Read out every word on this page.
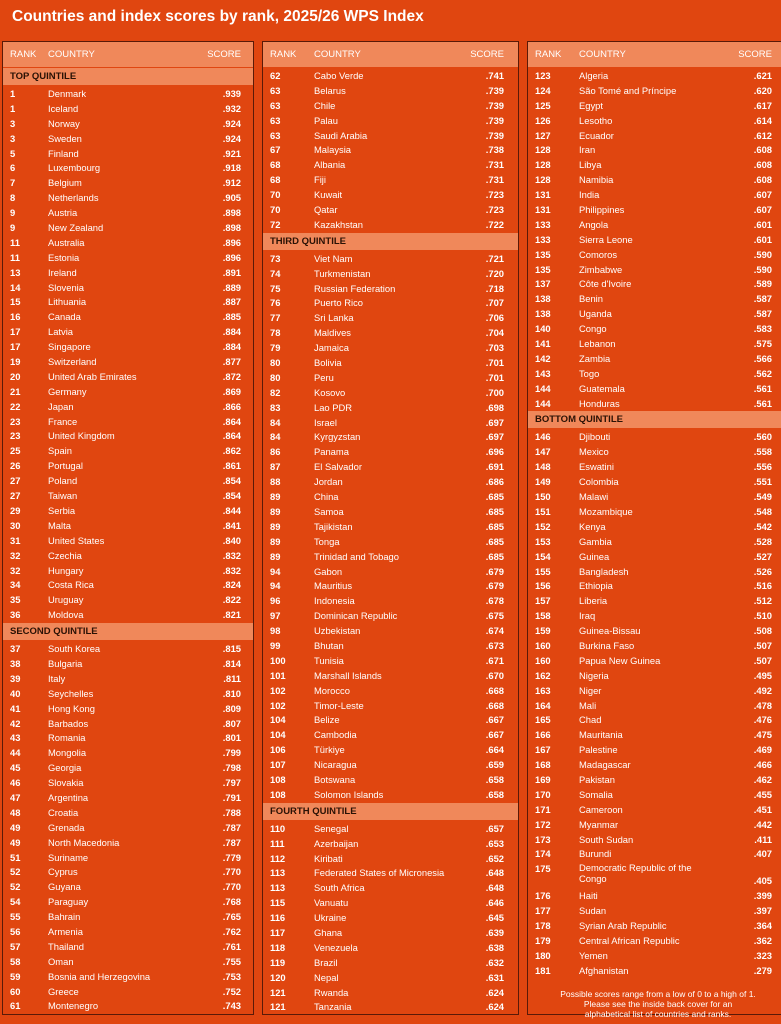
Countries and index scores by rank, 2025/26 WPS Index
RANK COUNTRY	SCORE
TOP QUINTILE
1	Denmark	.939
1	Iceland	.932
3	Norway	.924
3	Sweden	.924
5	Finland	.921
6	Luxembourg	.918
7	Belgium	.912
8	Netherlands	.905
9	Austria	.898
9	New Zealand	.898
11	Australia	.896
11	Estonia	.896
13	Ireland	.891
14	Slovenia	.889
15	Lithuania	.887
16	Canada	.885
17	Latvia	.884
17	Singapore	.884
19	Switzerland	.877
20	United Arab Emirates	.872
21	Germany	.869
22	Japan	.866
23	France	.864
23	United Kingdom	.864
25	Spain	.862
26	Portugal	.861
27	Poland	.854
27	Taiwan	.854
29	Serbia	.844
30	Malta	.841
31	United States	.840
32	Czechia	.832
32	Hungary	.832
34	Costa Rica	.824
35	Uruguay	.822
36	Moldova	.821
SECOND QUINTILE
37	South Korea	.815
38	Bulgaria	.814
39	Italy	.811
40	Seychelles	.810
41	Hong Kong	.809
42	Barbados	.807
43	Romania	.801
44	Mongolia	.799
45	Georgia	.798
46	Slovakia	.797
47	Argentina	.791
48	Croatia	.788
49	Grenada	.787
49	North Macedonia	.787
51	Suriname	.779
52	Cyprus	.770
52	Guyana	.770
54	Paraguay	.768
55	Bahrain	.765
56	Armenia	.762
57	Thailand	.761
58	Oman	.755
59	Bosnia and Herzegovina	.753
60	Greece	.752
61	Montenegro	.743
RANK COUNTRY	SCORE
62	Cabo Verde	.741
63	Belarus	.739
63	Chile	.739
63	Palau	.739
63	Saudi Arabia	.739
67	Malaysia	.738
68	Albania	.731
68	Fiji	.731
70	Kuwait	.723
70	Qatar	.723
72	Kazakhstan	.722
THIRD QUINTILE
73	Viet Nam	.721
74	Turkmenistan	.720
75	Russian Federation	.718
76	Puerto Rico	.707
77	Sri Lanka	.706
78	Maldives	.704
79	Jamaica	.703
80	Bolivia	.701
80	Peru	.701
82	Kosovo	.700
83	Lao PDR	.698
84	Israel	.697
84	Kyrgyzstan	.697
86	Panama	.696
87	El Salvador	.691
88	Jordan	.686
89	China	.685
89	Samoa	.685
89	Tajikistan	.685
89	Tonga	.685
89	Trinidad and Tobago	.685
94	Gabon	.679
94	Mauritius	.679
96	Indonesia	.678
97	Dominican Republic	.675
98	Uzbekistan	.674
99	Bhutan	.673
100	Tunisia	.671
101	Marshall Islands	.670
102	Morocco	.668
102	Timor-Leste	.668
104	Belize	.667
104	Cambodia	.667
106	Türkiye	.664
107	Nicaragua	.659
108	Botswana	.658
108	Solomon Islands	.658
FOURTH QUINTILE
110	Senegal	.657
111	Azerbaijan	.653
112	Kiribati	.652
113	Federated States of Micronesia	.648
113	South Africa	.648
115	Vanuatu	.646
116	Ukraine	.645
117	Ghana	.639
118	Venezuela	.638
119	Brazil	.632
120	Nepal	.631
121	Rwanda	.624
121	Tanzania	.624
RANK COUNTRY	SCORE
123	Algeria	.621
124	São Tomé and Príncipe	.620
125	Egypt	.617
126	Lesotho	.614
127	Ecuador	.612
128	Iran	.608
128	Libya	.608
128	Namibia	.608
131	India	.607
131	Philippines	.607
133	Angola	.601
133	Sierra Leone	.601
135	Comoros	.590
135	Zimbabwe	.590
137	Côte d'Ivoire	.589
138	Benin	.587
138	Uganda	.587
140	Congo	.583
141	Lebanon	.575
142	Zambia	.566
143	Togo	.562
144	Guatemala	.561
144	Honduras	.561
BOTTOM QUINTILE
146	Djibouti	.560
147	Mexico	.558
148	Eswatini	.556
149	Colombia	.551
150	Malawi	.549
151	Mozambique	.548
152	Kenya	.542
153	Gambia	.528
154	Guinea	.527
155	Bangladesh	.526
156	Ethiopia	.516
157	Liberia	.512
158	Iraq	.510
159	Guinea-Bissau	.508
160	Burkina Faso	.507
160	Papua New Guinea	.507
162	Nigeria	.495
163	Niger	.492
164	Mali	.478
165	Chad	.476
166	Mauritania	.475
167	Palestine	.469
168	Madagascar	.466
169	Pakistan	.462
170	Somalia	.455
171	Cameroon	.451
172	Myanmar	.442
173	South Sudan	.411
174	Burundi	.407
175	Democratic Republic of the Congo	.405
176	Haiti	.399
177	Sudan	.397
178	Syrian Arab Republic	.364
179	Central African Republic	.362
180	Yemen	.323
181	Afghanistan	.279
Possible scores range from a low of 0 to a high of 1.
Please see the inside back cover for an
alphabetical list of countries and ranks.
